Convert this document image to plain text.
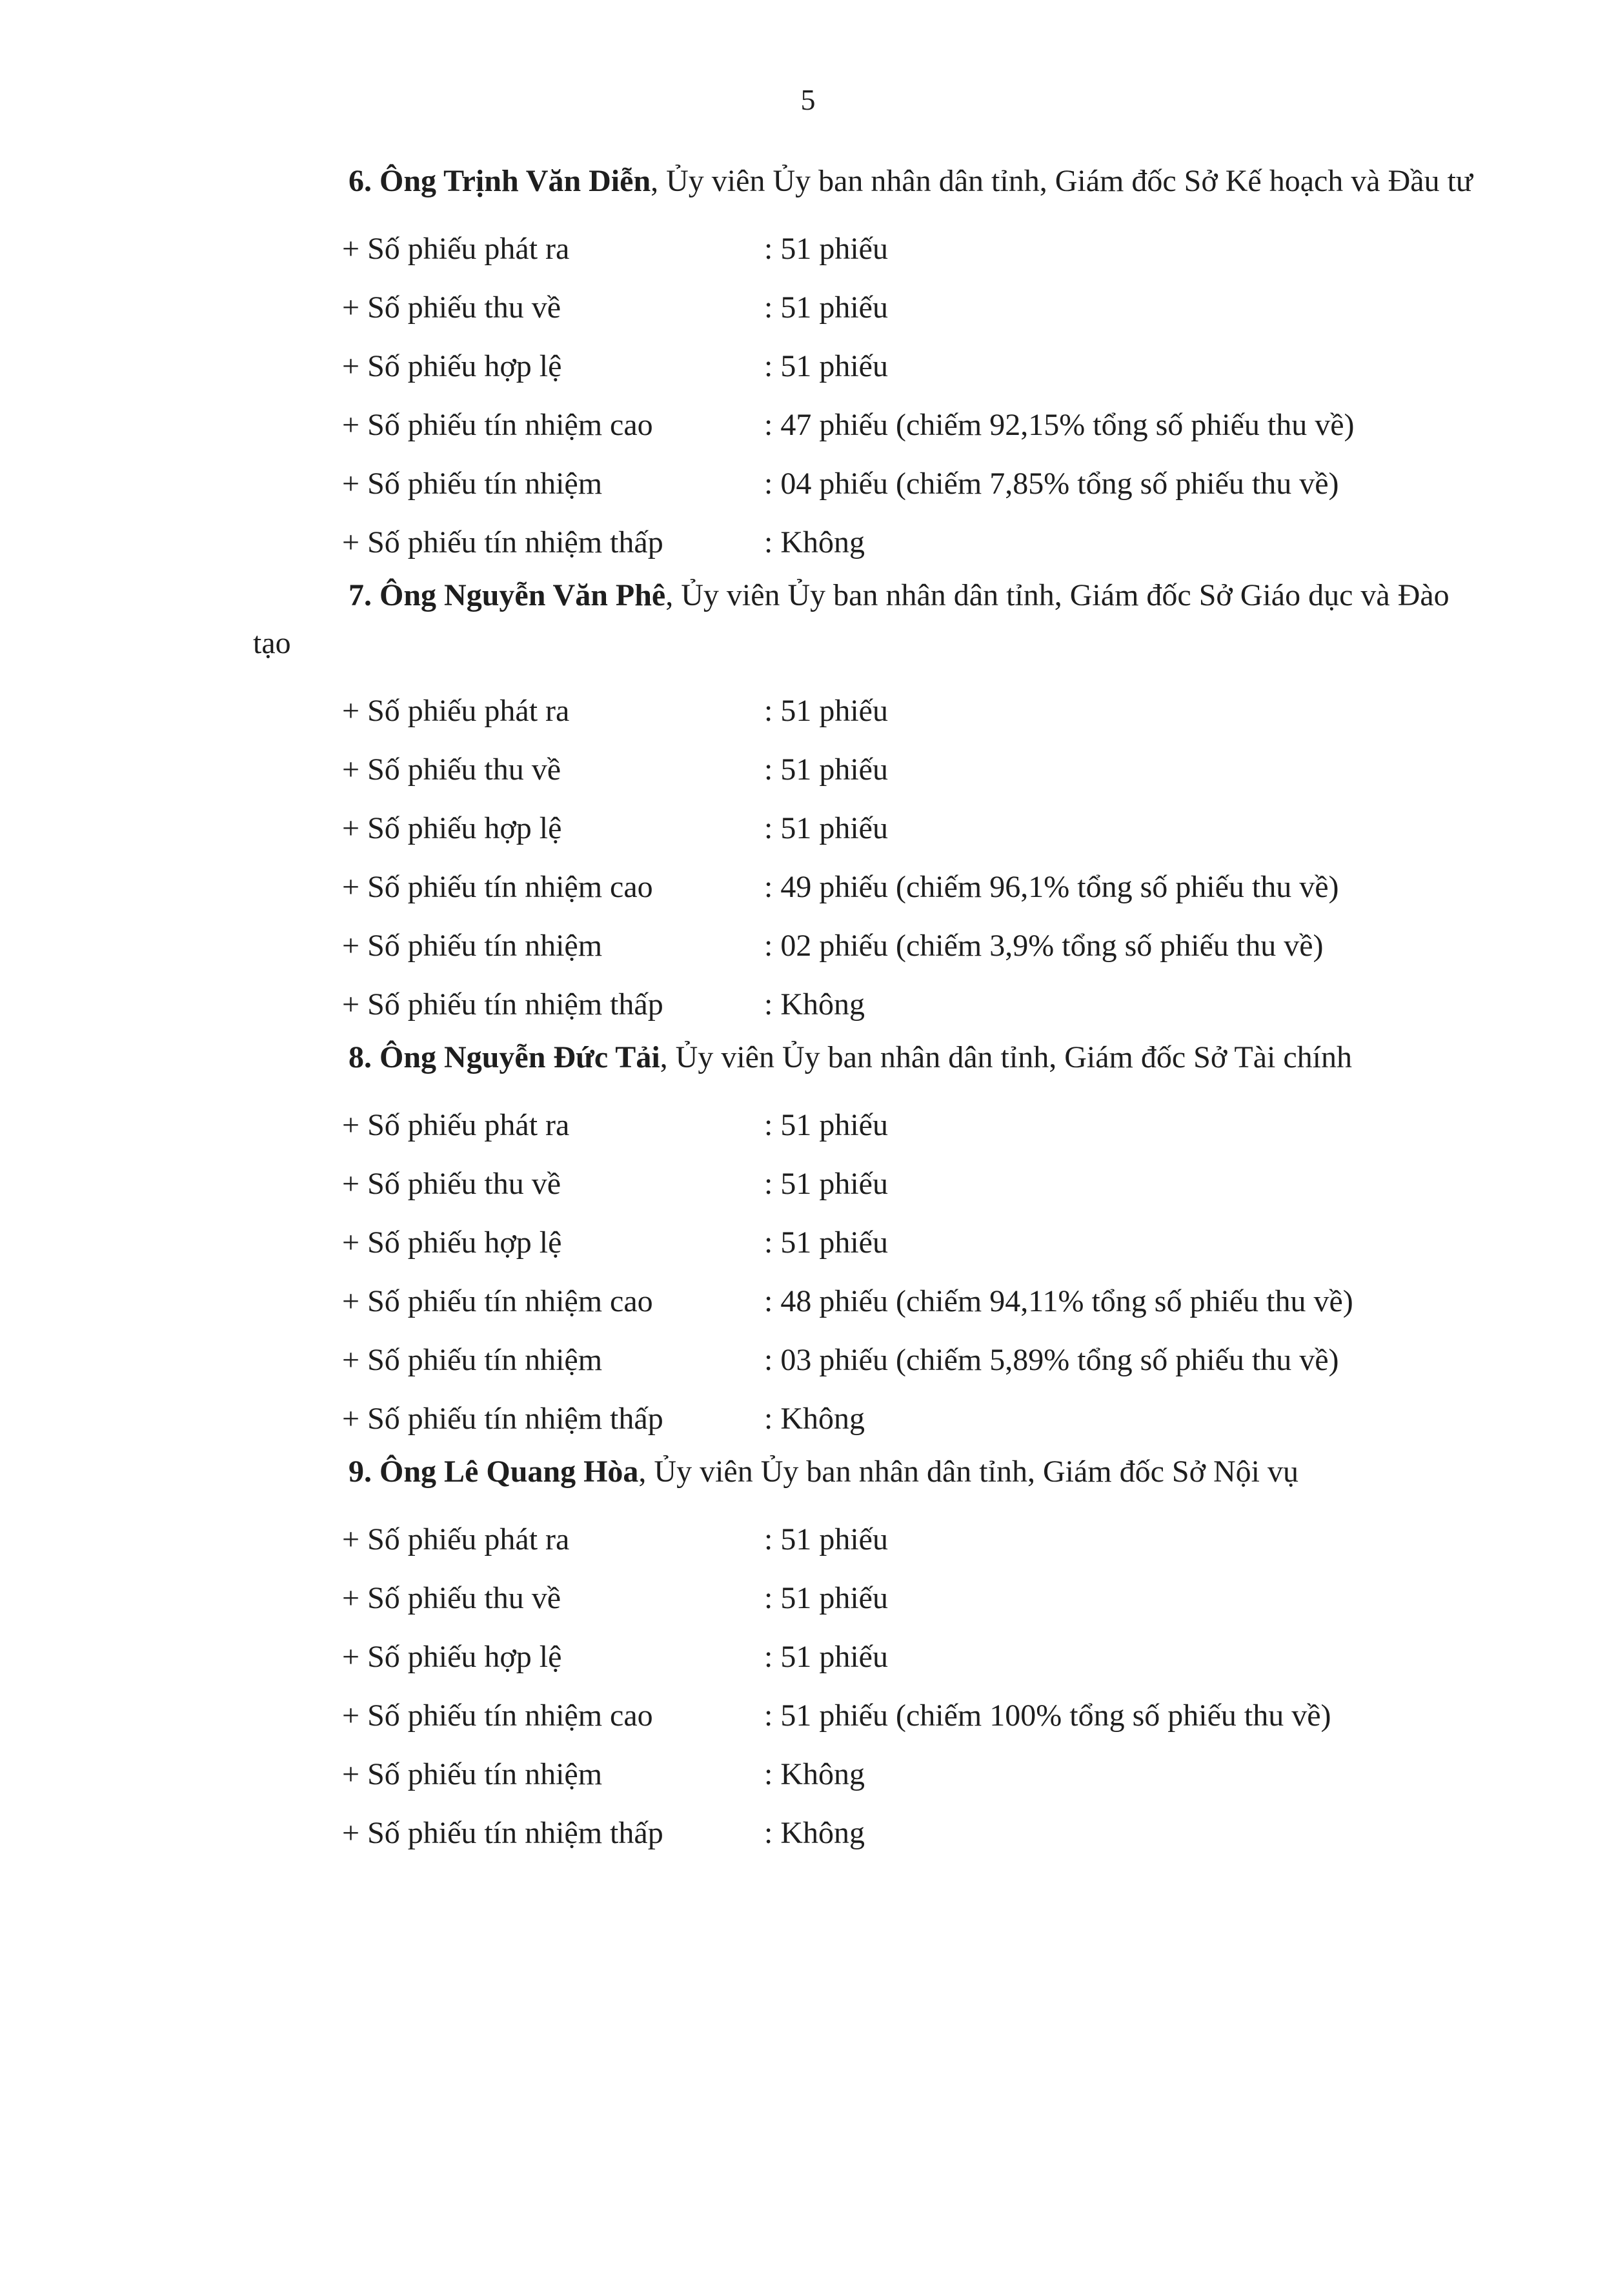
5

6. Ông Trịnh Văn Diễn, Ủy viên Ủy ban nhân dân tỉnh, Giám đốc Sở Kế hoạch và Đầu tư

+ Số phiếu phát ra	: 51 phiếu
+ Số phiếu thu về	: 51 phiếu
+ Số phiếu hợp lệ	: 51 phiếu
+ Số phiếu tín nhiệm cao	: 47 phiếu (chiếm 92,15% tổng số phiếu thu về)
+ Số phiếu tín nhiệm	: 04 phiếu (chiếm 7,85% tổng số phiếu thu về)
+ Số phiếu tín nhiệm thấp	: Không

7. Ông Nguyễn Văn Phê, Ủy viên Ủy ban nhân dân tỉnh, Giám đốc Sở Giáo dục và Đào tạo

+ Số phiếu phát ra	: 51 phiếu
+ Số phiếu thu về	: 51 phiếu
+ Số phiếu hợp lệ	: 51 phiếu
+ Số phiếu tín nhiệm cao	: 49 phiếu (chiếm 96,1% tổng số phiếu thu về)
+ Số phiếu tín nhiệm	: 02 phiếu (chiếm 3,9% tổng số phiếu thu về)
+ Số phiếu tín nhiệm thấp	: Không

8. Ông Nguyễn Đức Tải, Ủy viên Ủy ban nhân dân tỉnh, Giám đốc Sở Tài chính

+ Số phiếu phát ra	: 51 phiếu
+ Số phiếu thu về	: 51 phiếu
+ Số phiếu hợp lệ	: 51 phiếu
+ Số phiếu tín nhiệm cao	: 48 phiếu (chiếm 94,11% tổng số phiếu thu về)
+ Số phiếu tín nhiệm	: 03 phiếu (chiếm 5,89% tổng số phiếu thu về)
+ Số phiếu tín nhiệm thấp	: Không

9. Ông Lê Quang Hòa, Ủy viên Ủy ban nhân dân tỉnh, Giám đốc Sở Nội vụ

+ Số phiếu phát ra	: 51 phiếu
+ Số phiếu thu về	: 51 phiếu
+ Số phiếu hợp lệ	: 51 phiếu
+ Số phiếu tín nhiệm cao	: 51 phiếu (chiếm 100% tổng số phiếu thu về)
+ Số phiếu tín nhiệm	: Không
+ Số phiếu tín nhiệm thấp	: Không
